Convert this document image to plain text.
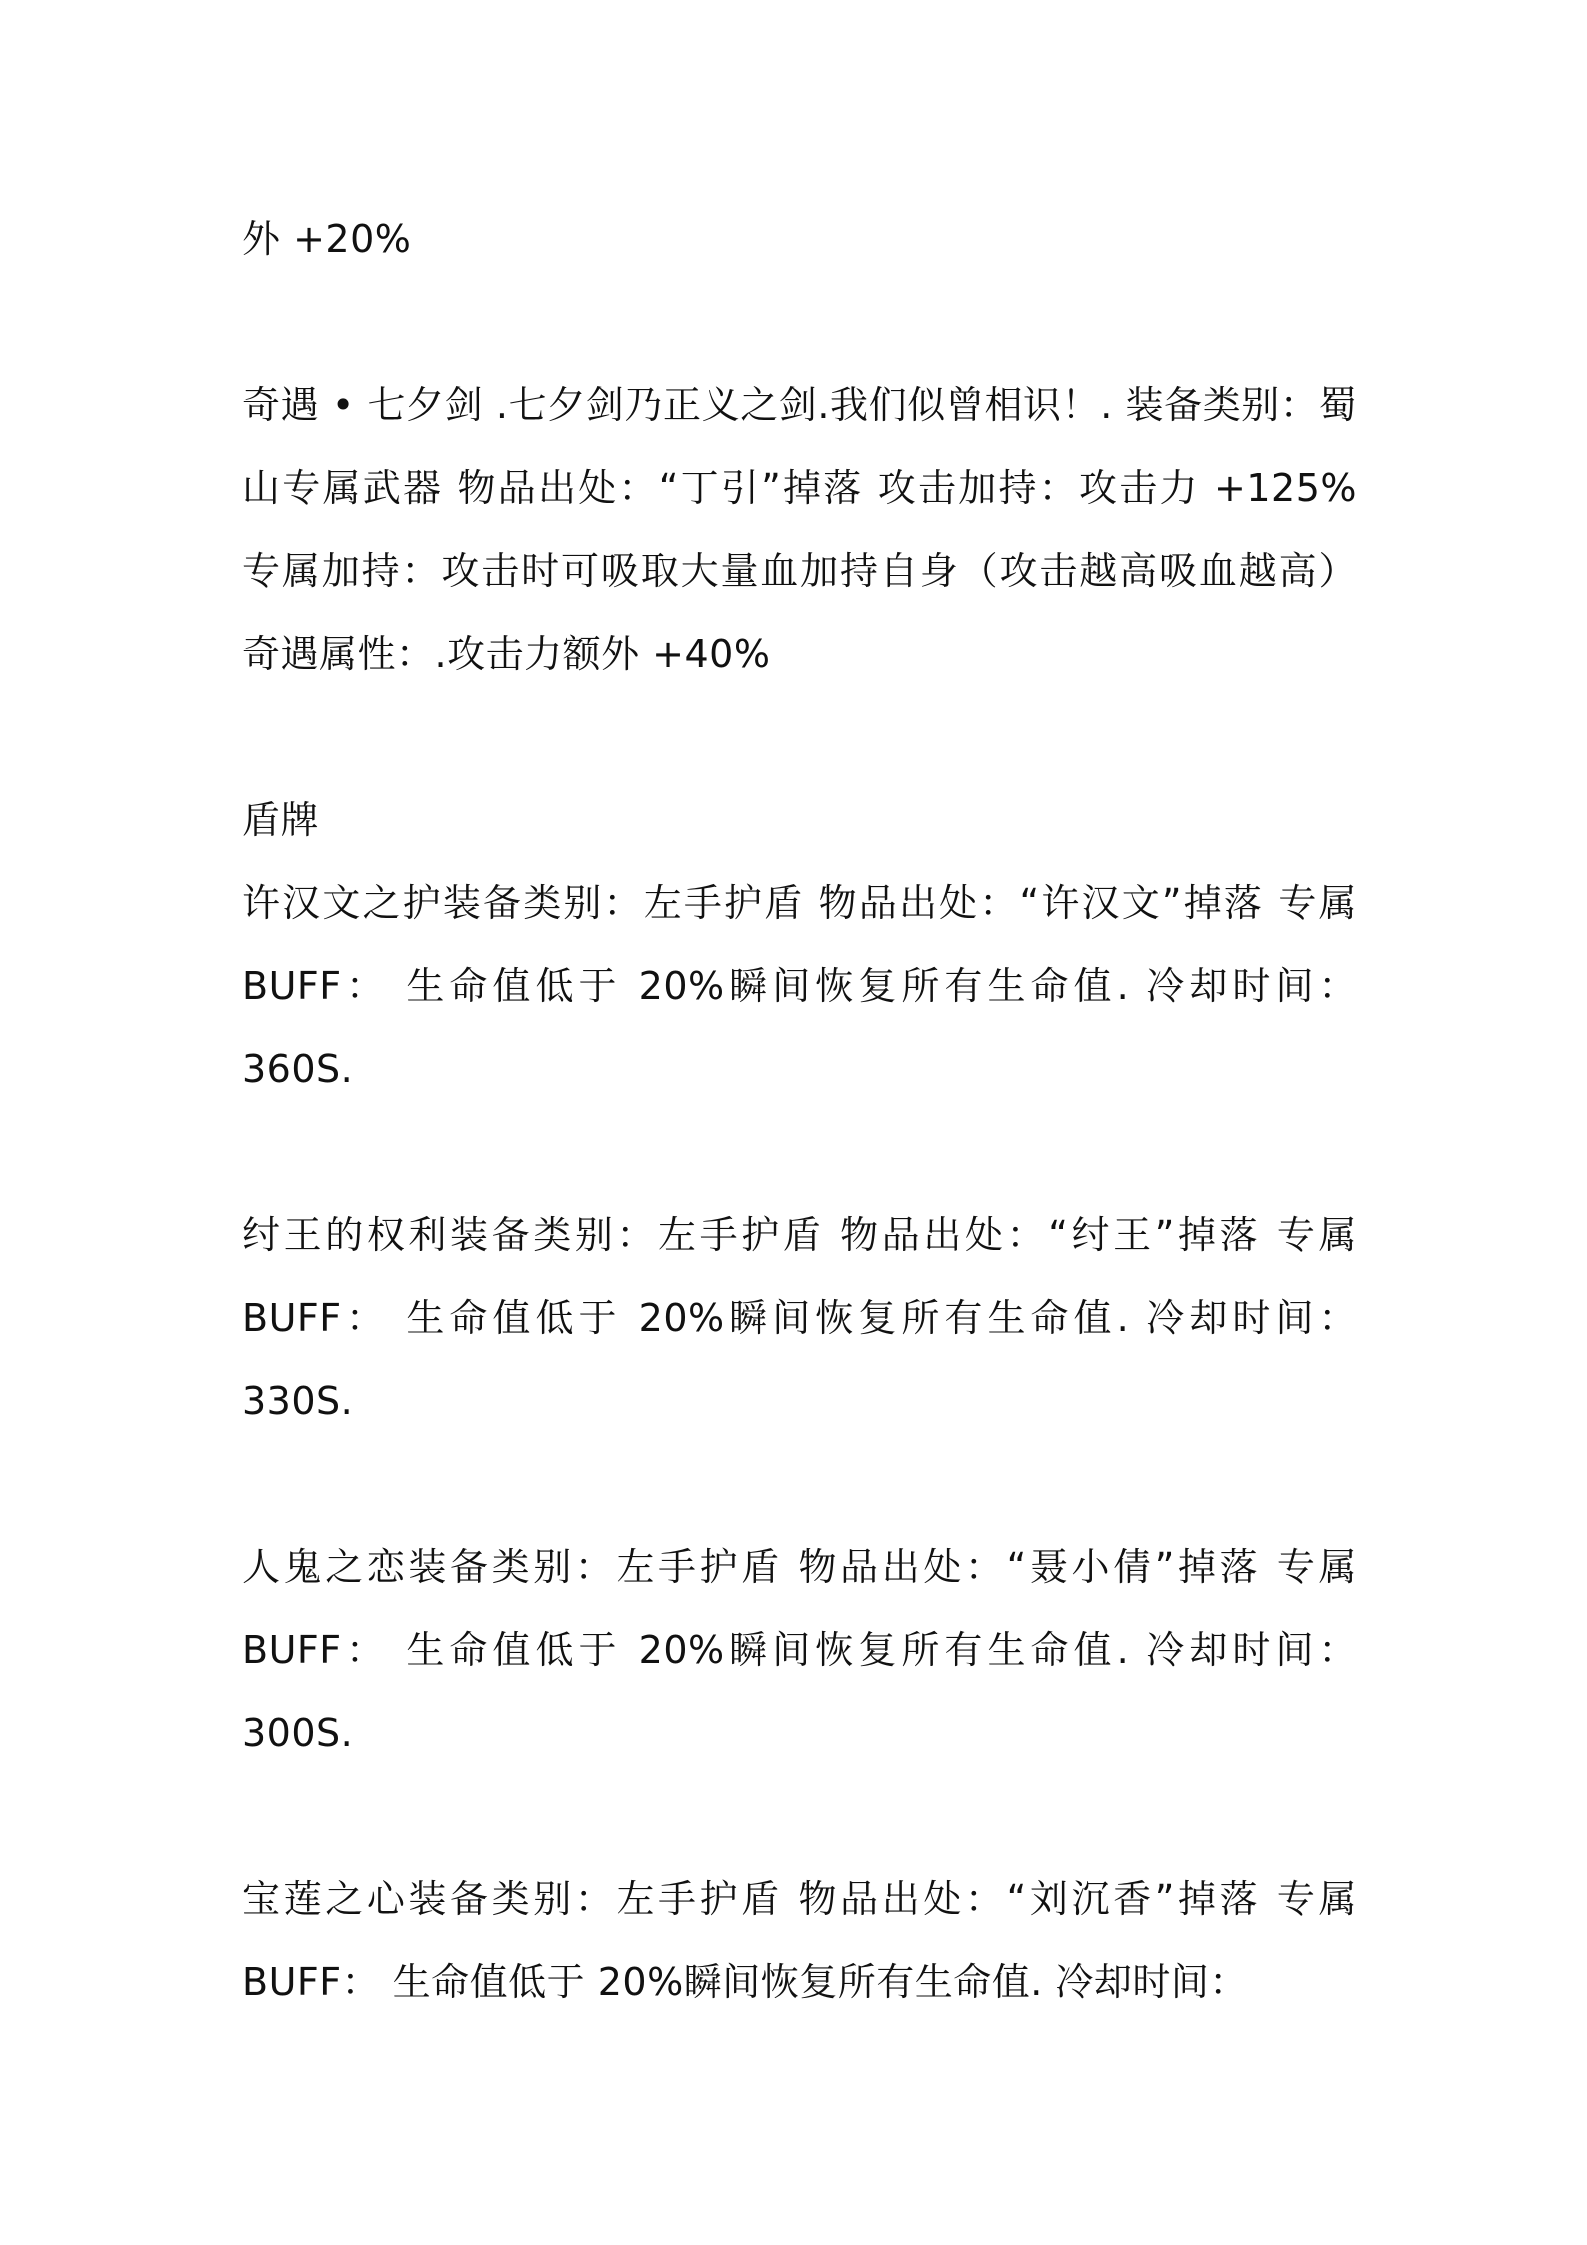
外 +20%

奇遇 • 七夕剑 .七夕剑乃正义之剑.我们似曾相识！. 装备类别：蜀山专属武器 物品出处：“丁引”掉落 攻击加持：攻击力 +125% 专属加持：攻击时可吸取大量血加持自身（攻击越高吸血越高）奇遇属性：.攻击力额外 +40%

盾牌

许汉文之护装备类别：左手护盾 物品出处：“许汉文”掉落 专属 BUFF： 生命值低于 20%瞬间恢复所有生命值. 冷却时间：360S.

纣王的权利装备类别：左手护盾 物品出处：“纣王”掉落 专属 BUFF： 生命值低于 20%瞬间恢复所有生命值. 冷却时间：330S.

人鬼之恋装备类别：左手护盾 物品出处：“聂小倩”掉落 专属 BUFF： 生命值低于 20%瞬间恢复所有生命值. 冷却时间：300S.

宝莲之心装备类别：左手护盾 物品出处：“刘沉香”掉落 专属 BUFF： 生命值低于 20%瞬间恢复所有生命值. 冷却时间：
